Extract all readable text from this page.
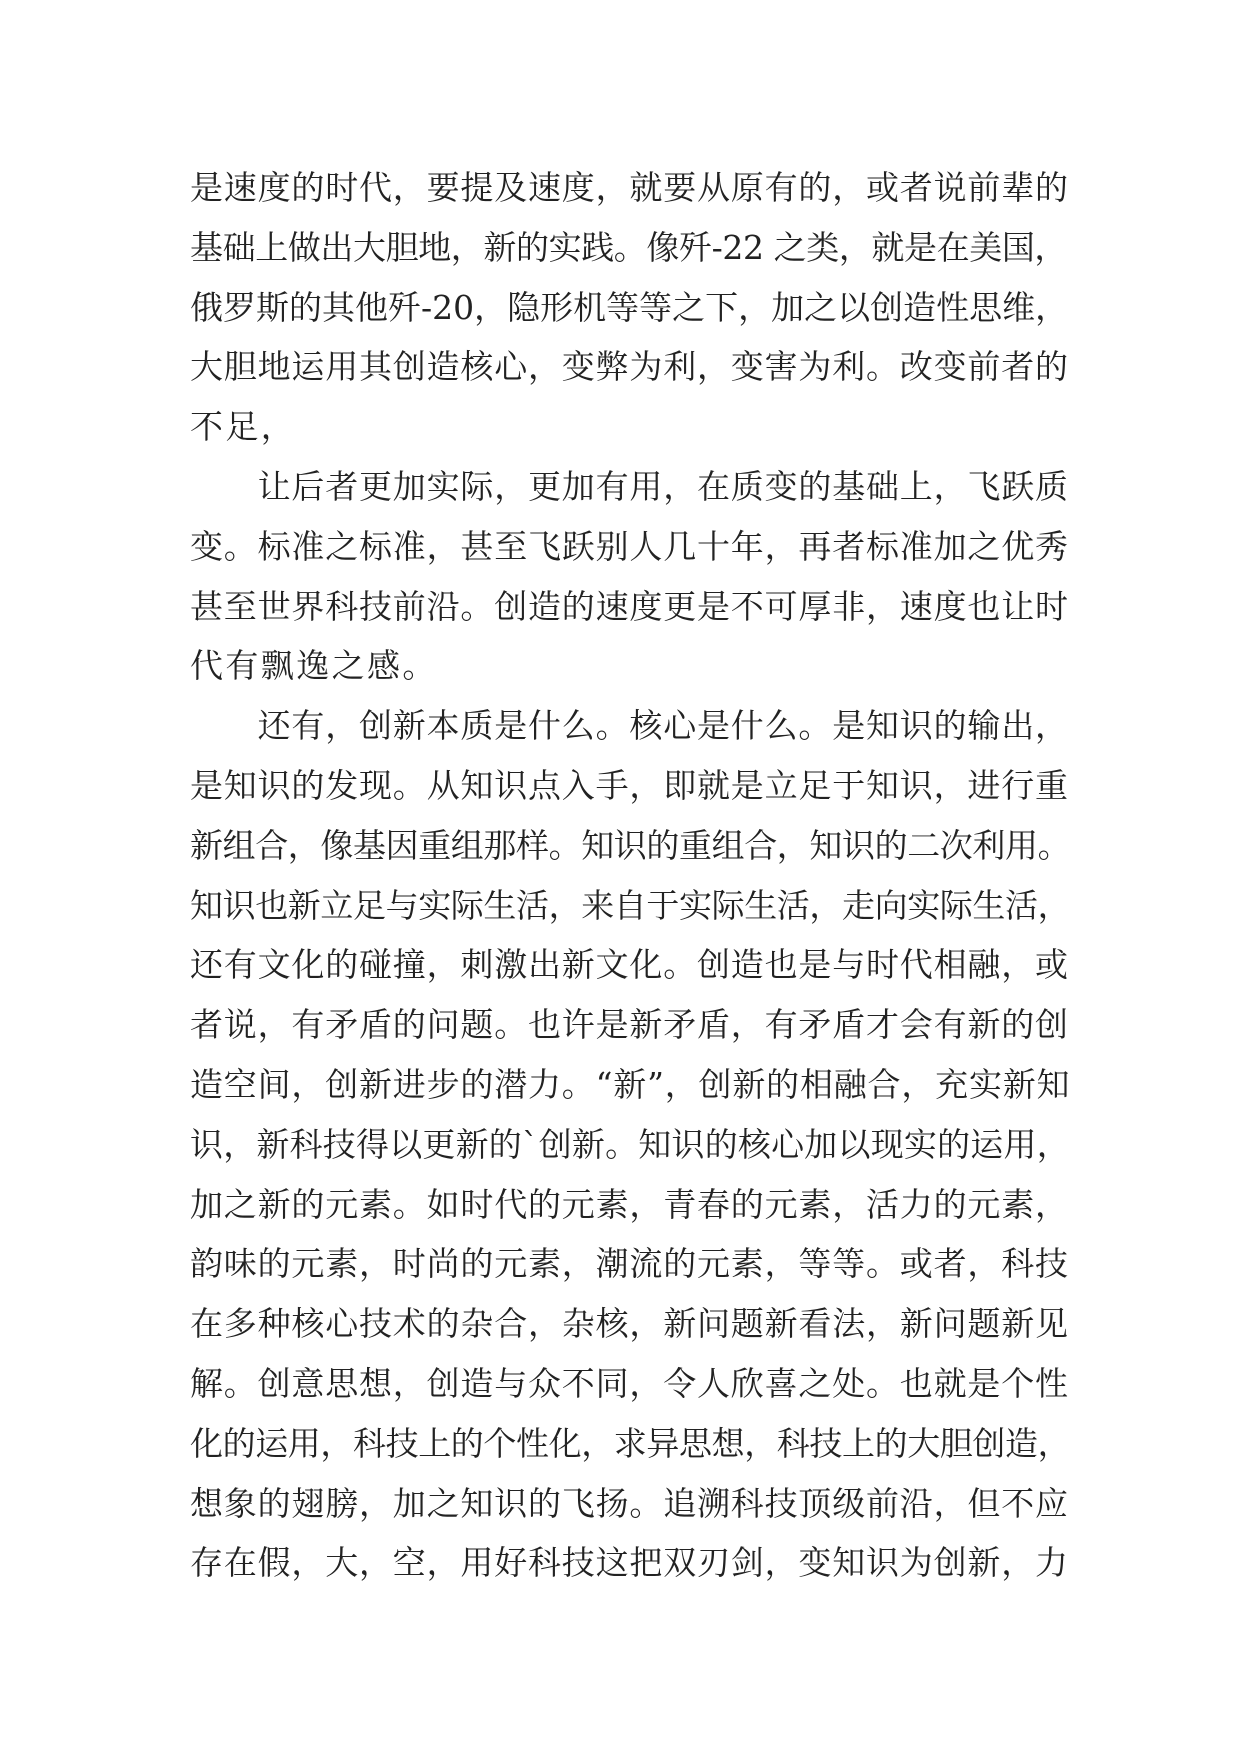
是速度的时代，要提及速度，就要从原有的，或者说前辈的
基础上做出大胆地，新的实践。像歼-22 之类，就是在美国，
俄罗斯的其他歼-20，隐形机等等之下，加之以创造性思维，
大胆地运用其创造核心，变弊为利，变害为利。改变前者的
不足，
　　让后者更加实际，更加有用，在质变的基础上，飞跃质
变。标准之标准，甚至飞跃别人几十年，再者标准加之优秀
甚至世界科技前沿。创造的速度更是不可厚非，速度也让时
代有飘逸之感。
　　还有，创新本质是什么。核心是什么。是知识的输出，
是知识的发现。从知识点入手，即就是立足于知识，进行重
新组合，像基因重组那样。知识的重组合，知识的二次利用。
知识也新立足与实际生活，来自于实际生活，走向实际生活，
还有文化的碰撞，刺激出新文化。创造也是与时代相融，或
者说，有矛盾的问题。也许是新矛盾，有矛盾才会有新的创
造空间，创新进步的潜力。“新”，创新的相融合，充实新知
识，新科技得以更新的`创新。知识的核心加以现实的运用，
加之新的元素。如时代的元素，青春的元素，活力的元素，
韵味的元素，时尚的元素，潮流的元素，等等。或者，科技
在多种核心技术的杂合，杂核，新问题新看法，新问题新见
解。创意思想，创造与众不同，令人欣喜之处。也就是个性
化的运用，科技上的个性化，求异思想，科技上的大胆创造，
想象的翅膀，加之知识的飞扬。追溯科技顶级前沿，但不应
存在假，大，空，用好科技这把双刃剑，变知识为创新，力
